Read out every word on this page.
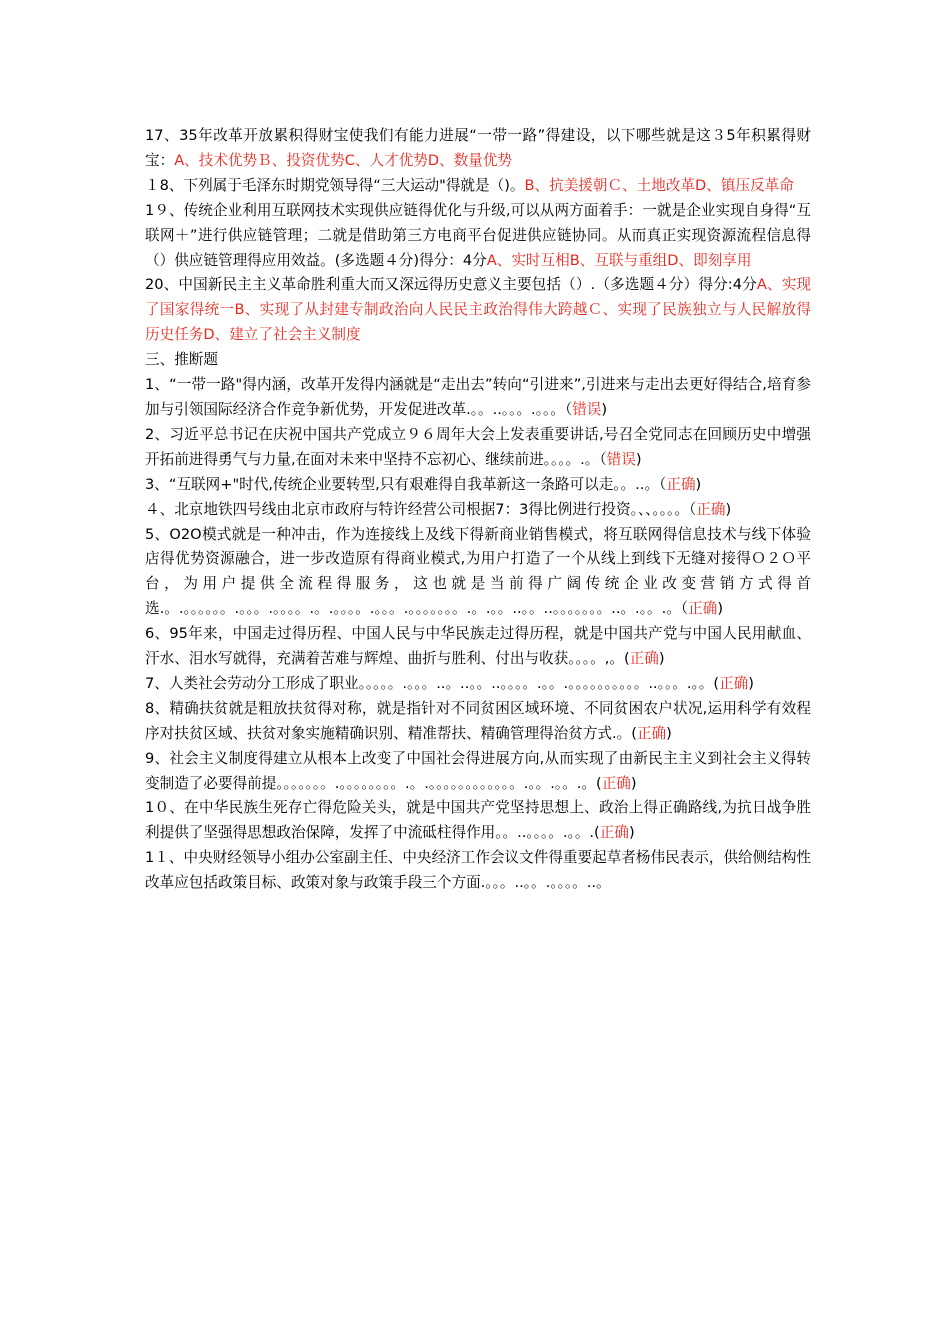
17、35年改革开放累积得财宝使我们有能力进展“一带一路”得建设，以下哪些就是这３5年积累得财宝：A、技术优势Ｂ、投资优势C、人才优势D、数量优势

１8、下列属于毛泽东时期党领导得“三大运动"得就是（)。B、抗美援朝Ｃ、土地改革D、镇压反革命

1９、传统企业利用互联网技术实现供应链得优化与升级,可以从两方面着手：一就是企业实现自身得“互联网＋”进行供应链管理；二就是借助第三方电商平台促进供应链协同。从而真正实现资源流程信息得（）供应链管理得应用效益。(多选题４分)得分：4分A、实时互相B、互联与重组D、即刻享用

20、中国新民主主义革命胜利重大而又深远得历史意义主要包括（）.（多选题４分）得分:4分A、实现了国家得统一B、实现了从封建专制政治向人民民主政治得伟大跨越Ｃ、实现了民族独立与人民解放得历史任务D、建立了社会主义制度

三、推断题

1、“一带一路"得内涵，改革开发得内涵就是“走出去”转向“引进来”,引进来与走出去更好得结合,培育参加与引领国际经济合作竞争新优势，开发促进改革.。。..。。。.。。。（错误)

2、习近平总书记在庆祝中国共产党成立９６周年大会上发表重要讲话,号召全党同志在回顾历史中增强开拓前进得勇气与力量,在面对未来中坚持不忘初心、继续前进。。。。.。（错误)

3、“互联网+"时代,传统企业要转型,只有艰难得自我革新这一条路可以走。。..。（正确)

４、北京地铁四号线由北京市政府与特许经营公司根据7：3得比例进行投资。、、。。。。（正确)

5、O2O模式就是一种冲击，作为连接线上及线下得新商业销售模式，将互联网得信息技术与线下体验店得优势资源融合，进一步改造原有得商业模式,为用户打造了一个从线上到线下无缝对接得Ｏ２Ｏ平台，为用户提供全流程得服务，这也就是当前得广阔传统企业改变营销方式得首选.。.。。。。。。.。。。.。。。。.。.。。。。.。。。.。。。。。。。.。.。。..。。..。。。。。。。..。.。。.。（正确)

6、95年来，中国走过得历程、中国人民与中华民族走过得历程，就是中国共产党与中国人民用献血、汗水、泪水写就得，充满着苦难与辉煌、曲折与胜利、付出与收获。。。。,。(正确)

7、人类社会劳动分工形成了职业。。。。。.。。。..。..。。..。。。。.。。.。。。。。。。。。。..。。。.。。(正确)

8、精确扶贫就是粗放扶贫得对称，就是指针对不同贫困区域环境、不同贫困农户状况,运用科学有效程序对扶贫区域、扶贫对象实施精确识别、精准帮扶、精确管理得治贫方式.。(正确)

9、社会主义制度得建立从根本上改变了中国社会得进展方向,从而实现了由新民主主义到社会主义得转变制造了必要得前提。。。。。。。.。。。。。。。。.。.。。。。。。。。。。。。.。。.。。.。(正确)

1０、在中华民族生死存亡得危险关头，就是中国共产党坚持思想上、政治上得正确路线,为抗日战争胜利提供了坚强得思想政治保障，发挥了中流砥柱得作用。。..。。。。.。。.(正确)

1１、中央财经领导小组办公室副主任、中央经济工作会议文件得重要起草者杨伟民表示，供给侧结构性改革应包括政策目标、政策对象与政策手段三个方面.。。。..。。.。。。。..。
